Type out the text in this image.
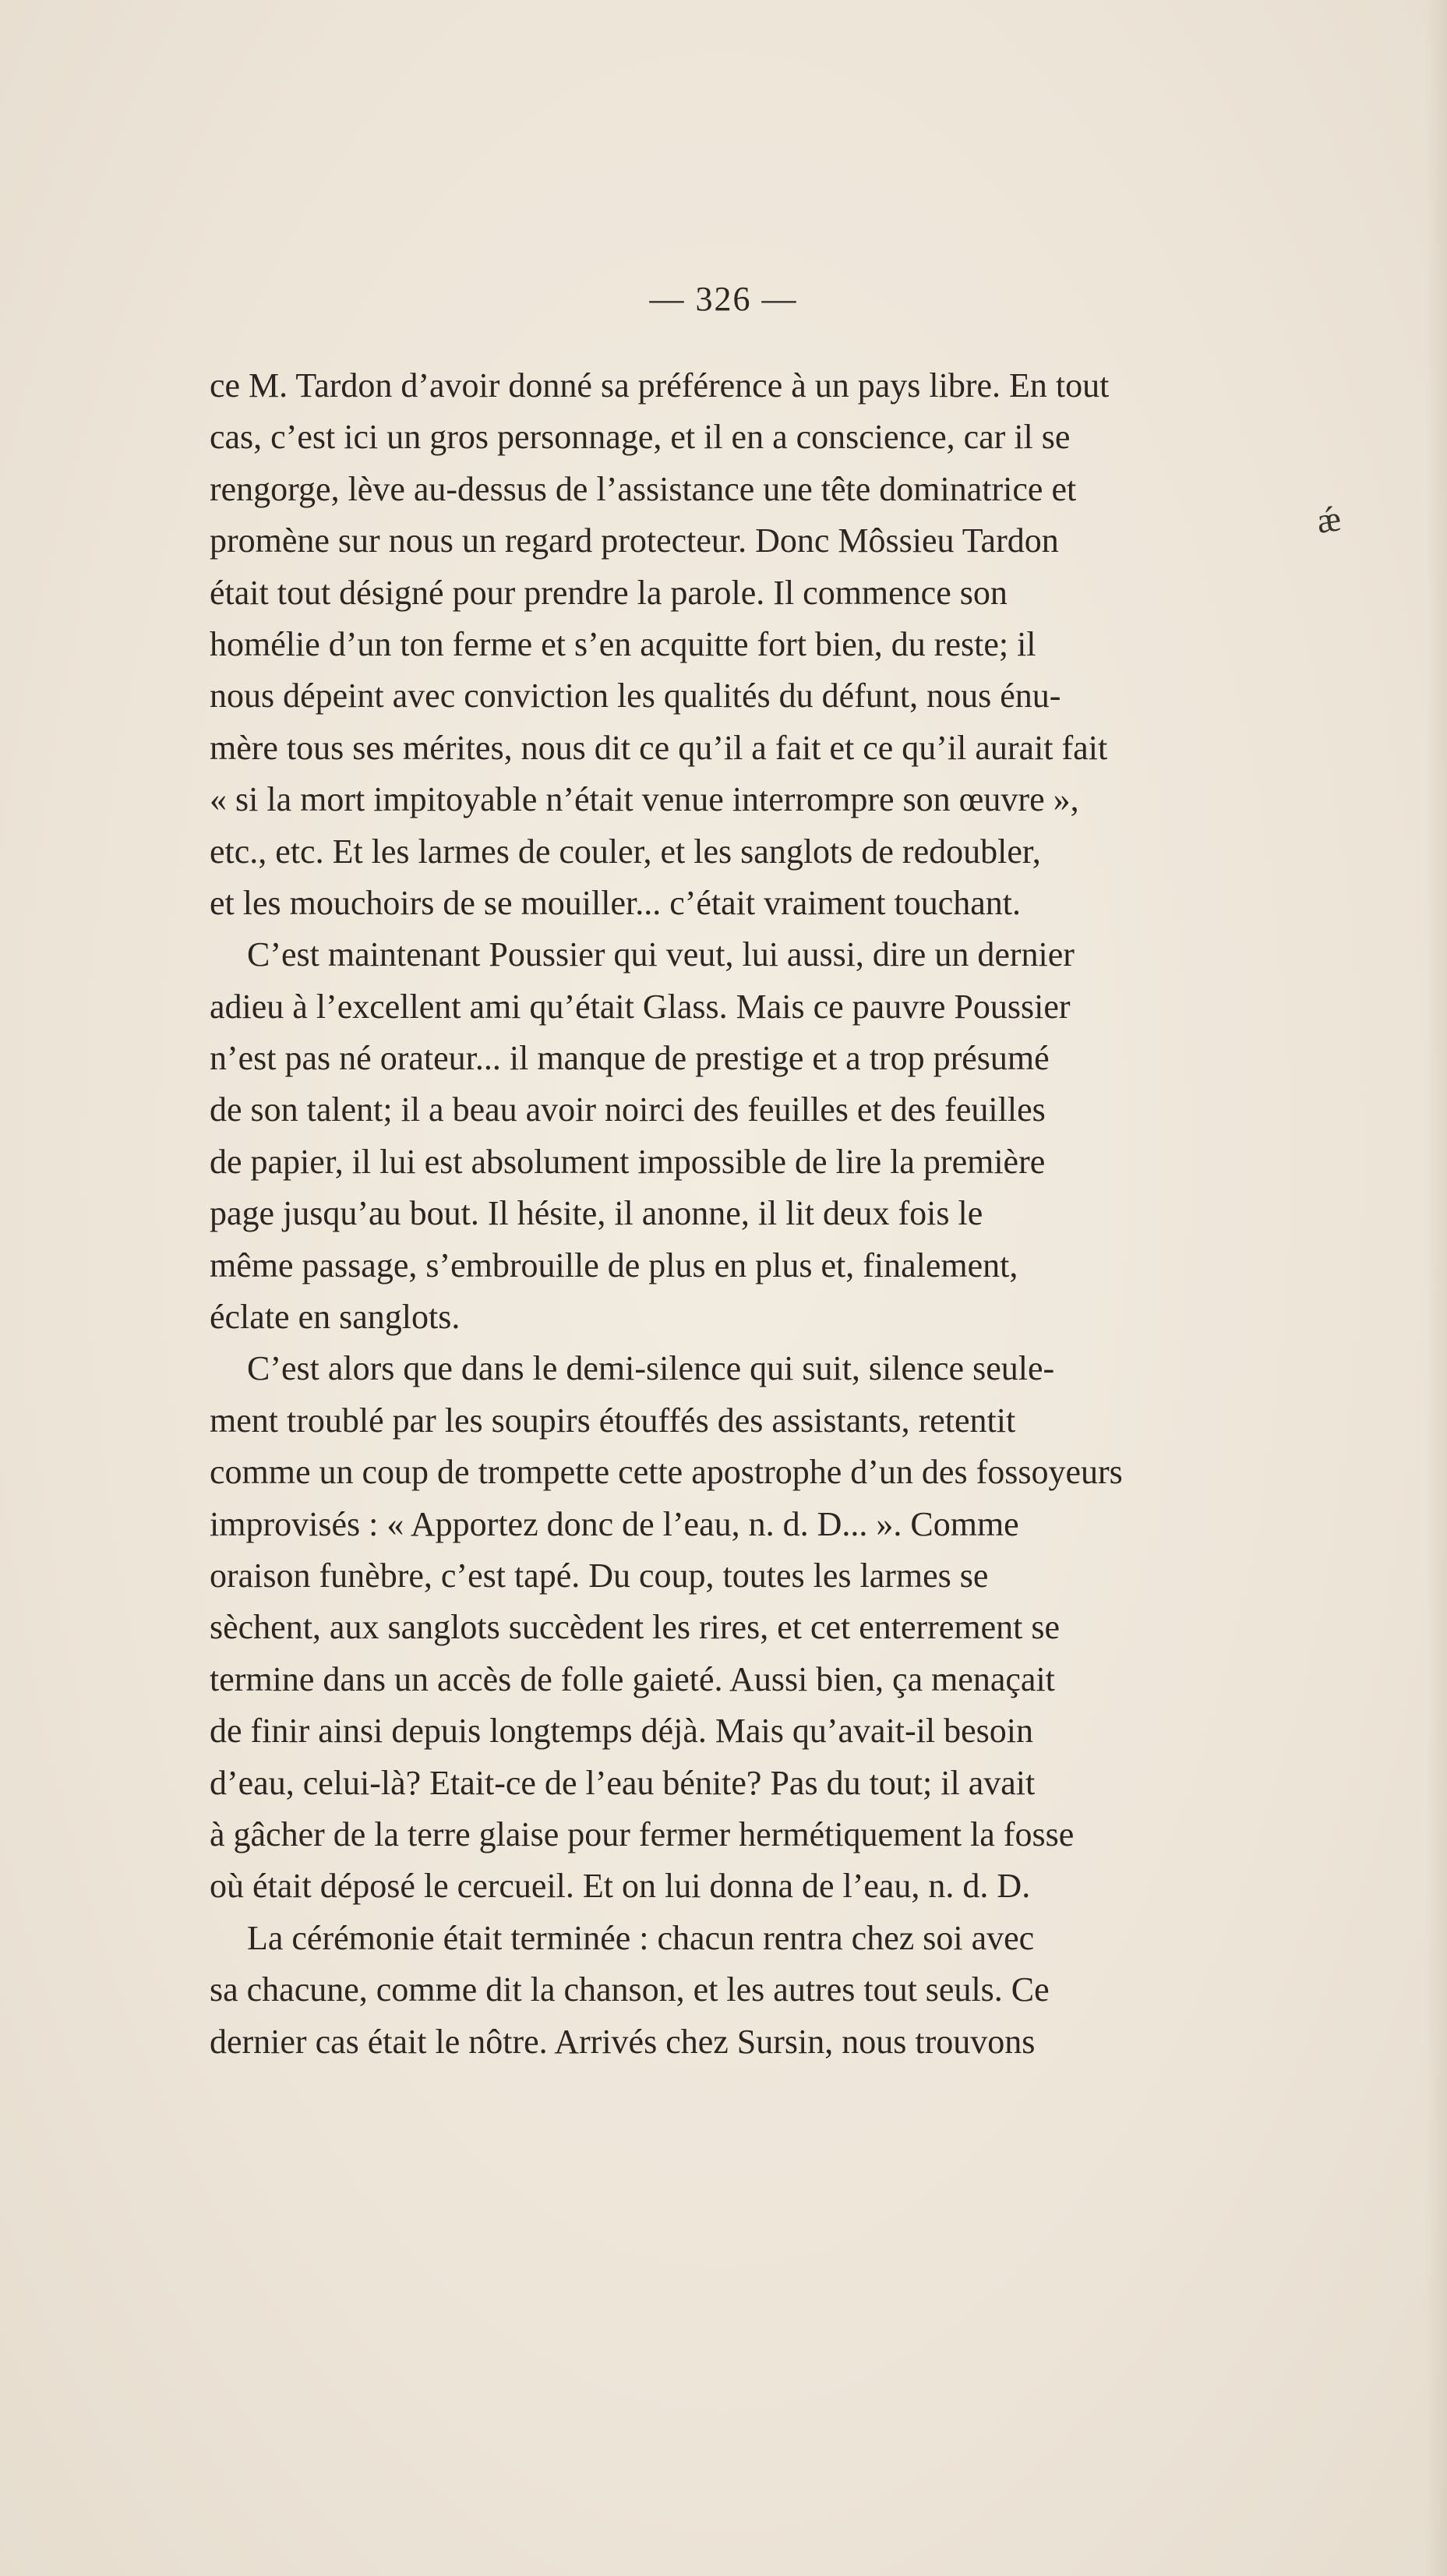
— 326 —
ǽ
ce M. Tardon d’avoir donné sa préférence à un pays libre. En tout
cas, c’est ici un gros personnage, et il en a conscience, car il se
rengorge, lève au-dessus de l’assistance une tête dominatrice et
promène sur nous un regard protecteur. Donc Môssieu Tardon
était tout désigné pour prendre la parole. Il commence son
homélie d’un ton ferme et s’en acquitte fort bien, du reste; il
nous dépeint avec conviction les qualités du défunt, nous énu-
mère tous ses mérites, nous dit ce qu’il a fait et ce qu’il aurait fait
« si la mort impitoyable n’était venue interrompre son œuvre »,
etc., etc. Et les larmes de couler, et les sanglots de redoubler,
et les mouchoirs de se mouiller... c’était vraiment touchant.
C’est maintenant Poussier qui veut, lui aussi, dire un dernier
adieu à l’excellent ami qu’était Glass. Mais ce pauvre Poussier
n’est pas né orateur... il manque de prestige et a trop présumé
de son talent; il a beau avoir noirci des feuilles et des feuilles
de papier, il lui est absolument impossible de lire la première
page jusqu’au bout. Il hésite, il anonne, il lit deux fois le
même passage, s’embrouille de plus en plus et, finalement,
éclate en sanglots.
C’est alors que dans le demi-silence qui suit, silence seule-
ment troublé par les soupirs étouffés des assistants, retentit
comme un coup de trompette cette apostrophe d’un des fossoyeurs
improvisés : « Apportez donc de l’eau, n. d. D... ». Comme
oraison funèbre, c’est tapé. Du coup, toutes les larmes se
sèchent, aux sanglots succèdent les rires, et cet enterrement se
termine dans un accès de folle gaieté. Aussi bien, ça menaçait
de finir ainsi depuis longtemps déjà. Mais qu’avait-il besoin
d’eau, celui-là? Etait-ce de l’eau bénite? Pas du tout; il avait
à gâcher de la terre glaise pour fermer hermétiquement la fosse
où était déposé le cercueil. Et on lui donna de l’eau, n. d. D.
La cérémonie était terminée : chacun rentra chez soi avec
sa chacune, comme dit la chanson, et les autres tout seuls. Ce
dernier cas était le nôtre. Arrivés chez Sursin, nous trouvons
